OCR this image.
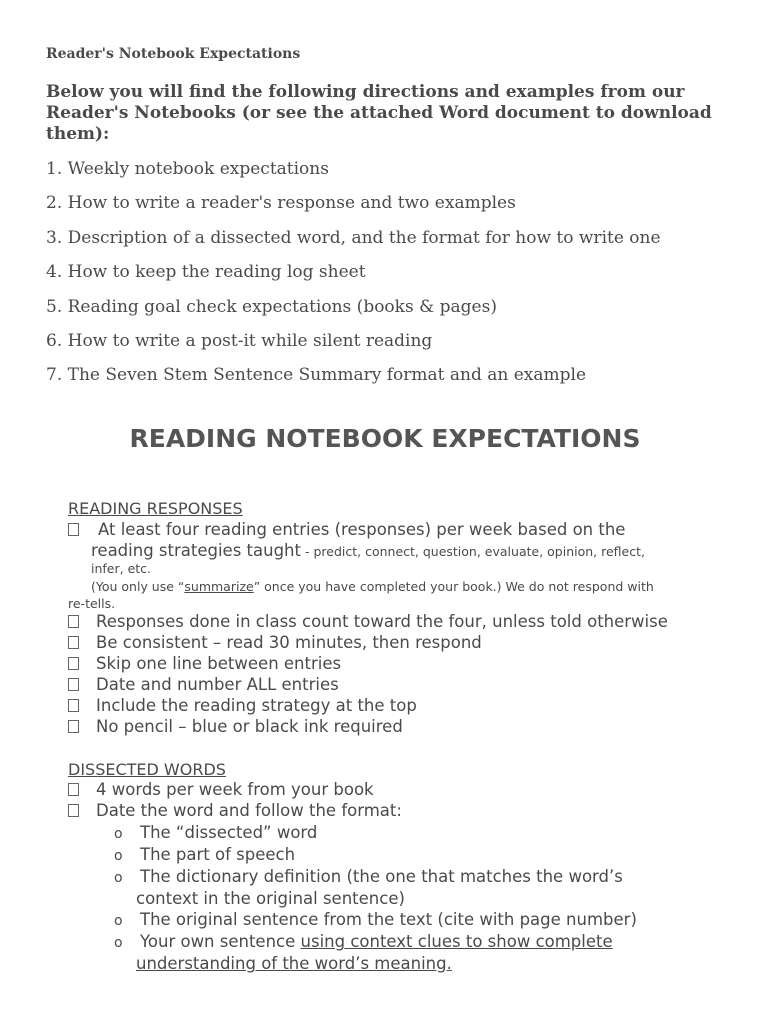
Reader's Notebook Expectations
Below you will find the following directions and examples from our Reader's Notebooks (or see the attached Word document to download them):
1. Weekly notebook expectations
2. How to write a reader's response and two examples
3. Description of a dissected word, and the format for how to write one
4. How to keep the reading log sheet
5. Reading goal check expectations (books & pages)
6. How to write a post-it while silent reading
7. The Seven Stem Sentence Summary format and an example
READING NOTEBOOK EXPECTATIONS
READING RESPONSES
At least four reading entries (responses) per week based on the
reading strategies taught - predict, connect, question, evaluate, opinion, reflect,
infer, etc.
(You only use “summarize” once you have completed your book.) We do not respond with
re-tells.
Responses done in class count toward the four, unless told otherwise
Be consistent – read 30 minutes, then respond
Skip one line between entries
Date and number ALL entries
Include the reading strategy at the top
No pencil – blue or black ink required
DISSECTED WORDS
4 words per week from your book
Date the word and follow the format:
o The “dissected” word
o The part of speech
o The dictionary definition (the one that matches the word’s
context in the original sentence)
o The original sentence from the text (cite with page number)
o Your own sentence using context clues to show complete
understanding of the word’s meaning.
